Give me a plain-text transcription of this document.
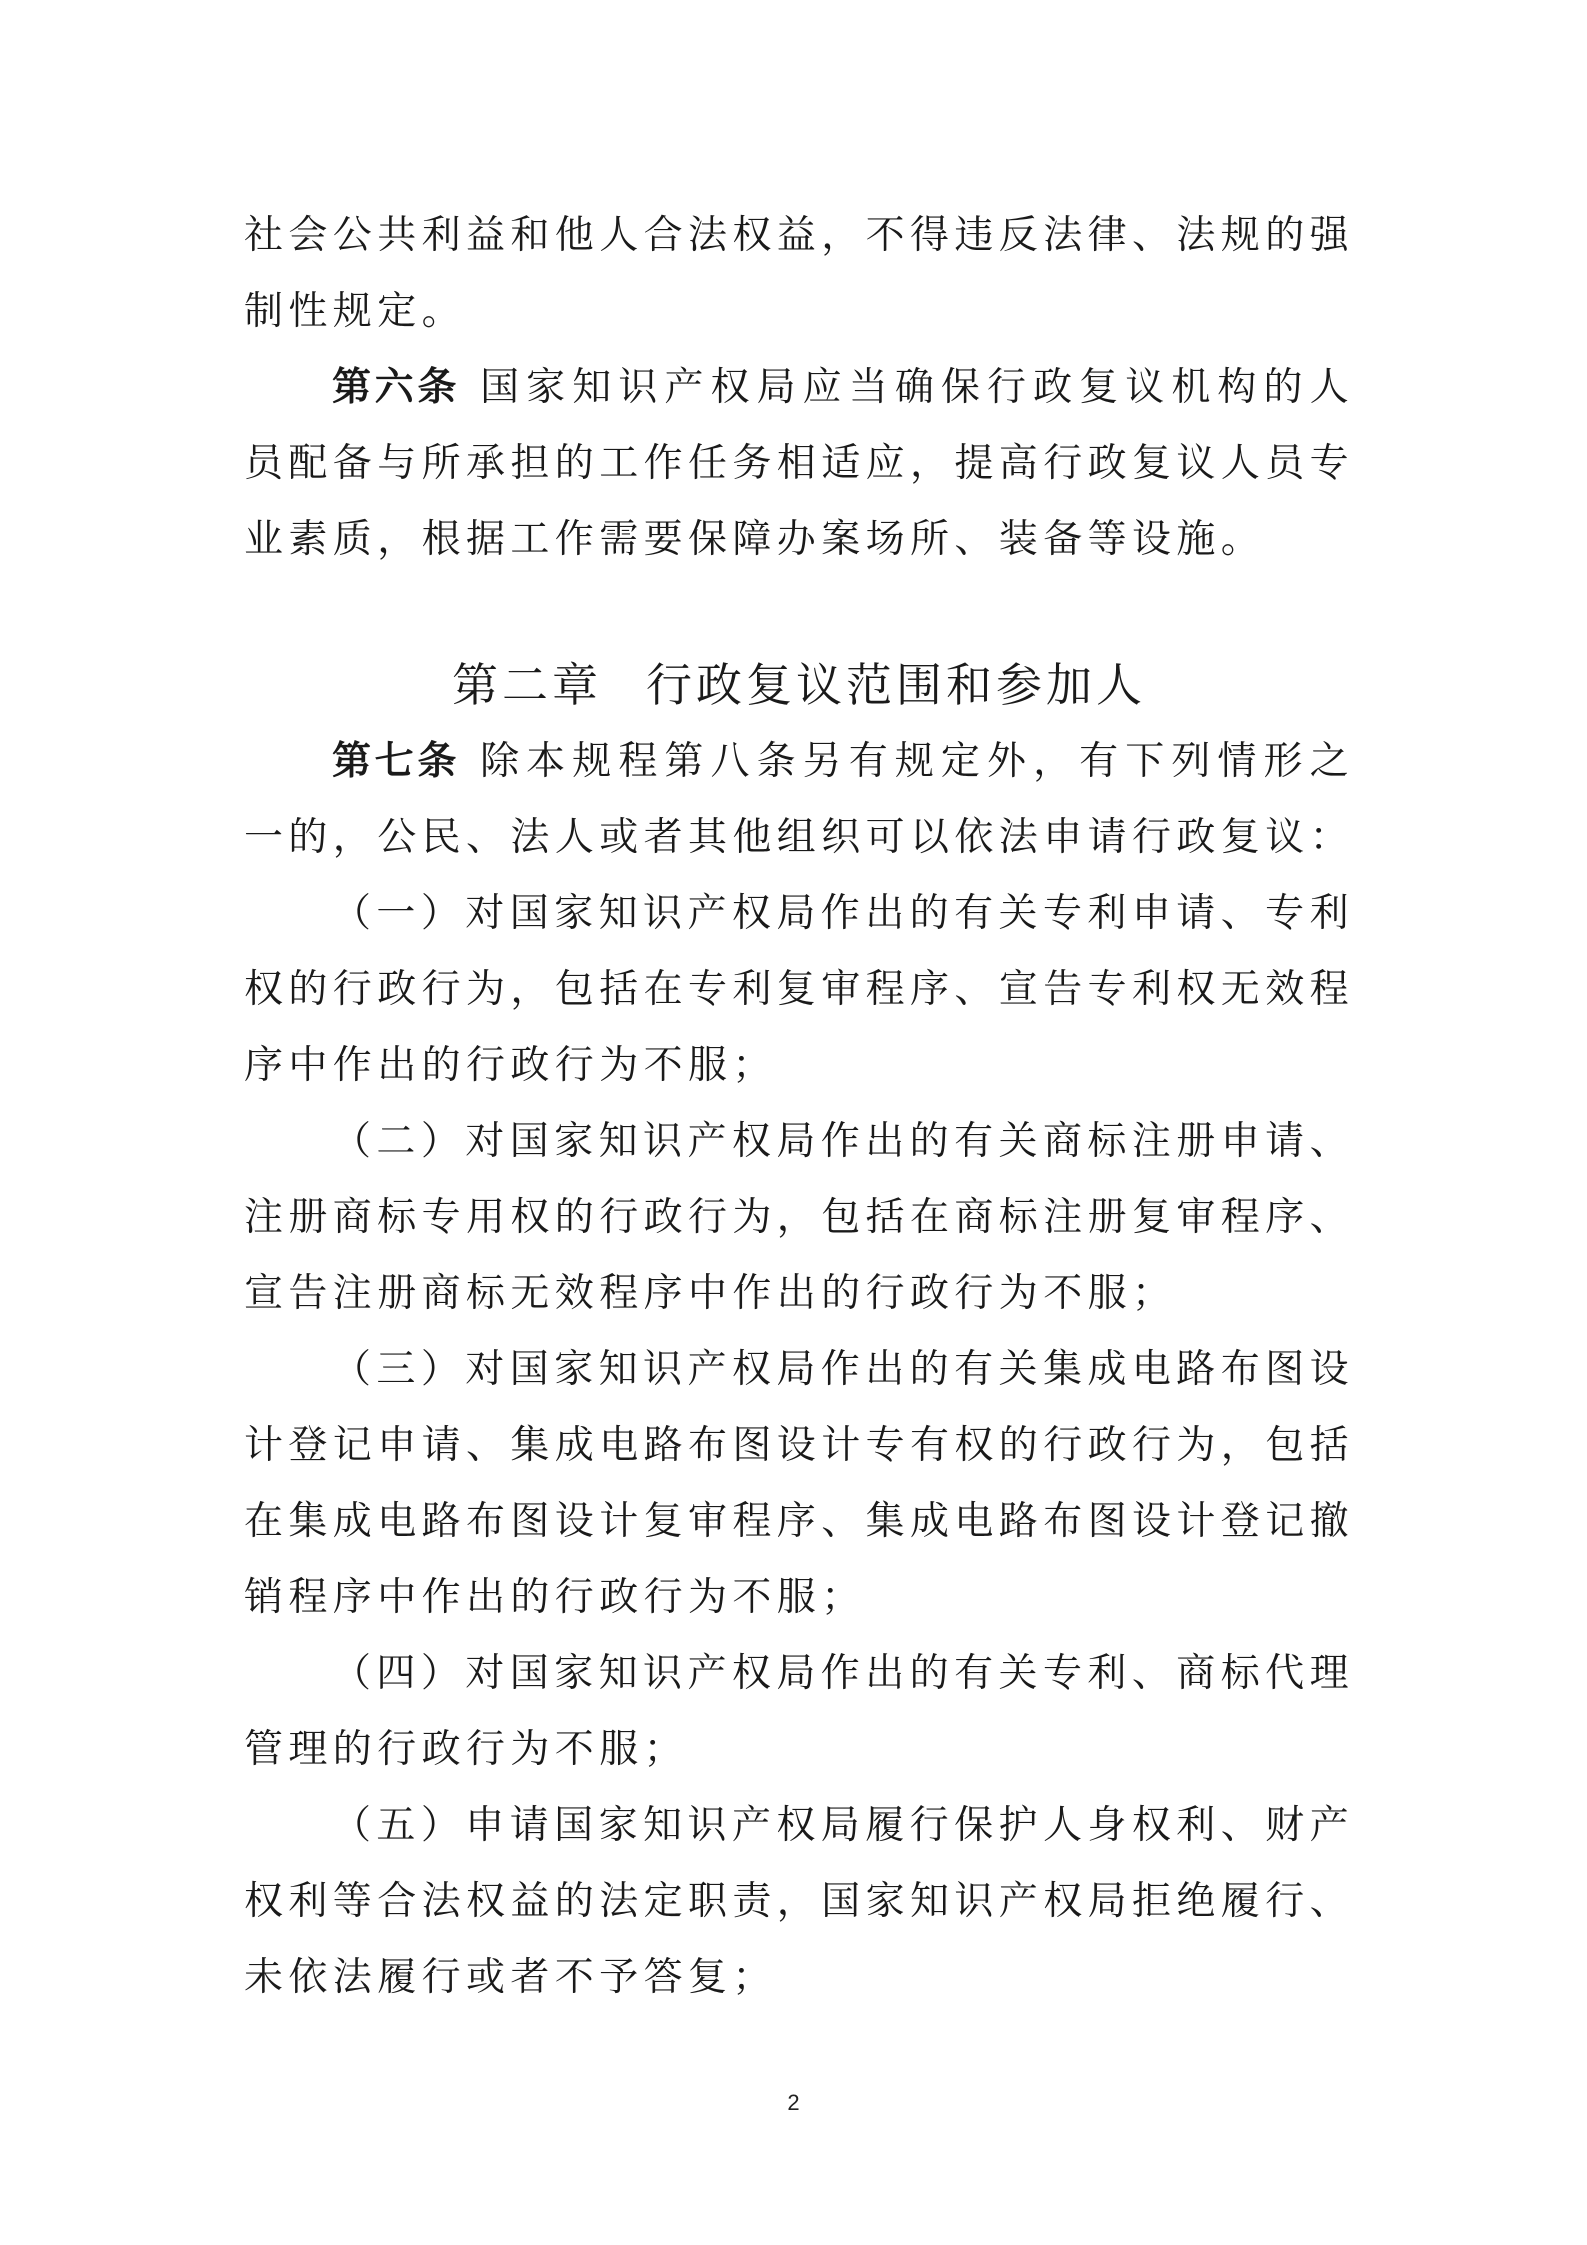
社会公共利益和他人合法权益，不得违反法律、法规的强制性规定。

第六条 国家知识产权局应当确保行政复议机构的人员配备与所承担的工作任务相适应，提高行政复议人员专业素质，根据工作需要保障办案场所、装备等设施。

第二章 行政复议范围和参加人

第七条 除本规程第八条另有规定外，有下列情形之一的，公民、法人或者其他组织可以依法申请行政复议：

（一）对国家知识产权局作出的有关专利申请、专利权的行政行为，包括在专利复审程序、宣告专利权无效程序中作出的行政行为不服；

（二）对国家知识产权局作出的有关商标注册申请、注册商标专用权的行政行为，包括在商标注册复审程序、宣告注册商标无效程序中作出的行政行为不服；

（三）对国家知识产权局作出的有关集成电路布图设计登记申请、集成电路布图设计专有权的行政行为，包括在集成电路布图设计复审程序、集成电路布图设计登记撤销程序中作出的行政行为不服；

（四）对国家知识产权局作出的有关专利、商标代理管理的行政行为不服；

（五）申请国家知识产权局履行保护人身权利、财产权利等合法权益的法定职责，国家知识产权局拒绝履行、未依法履行或者不予答复；

2
